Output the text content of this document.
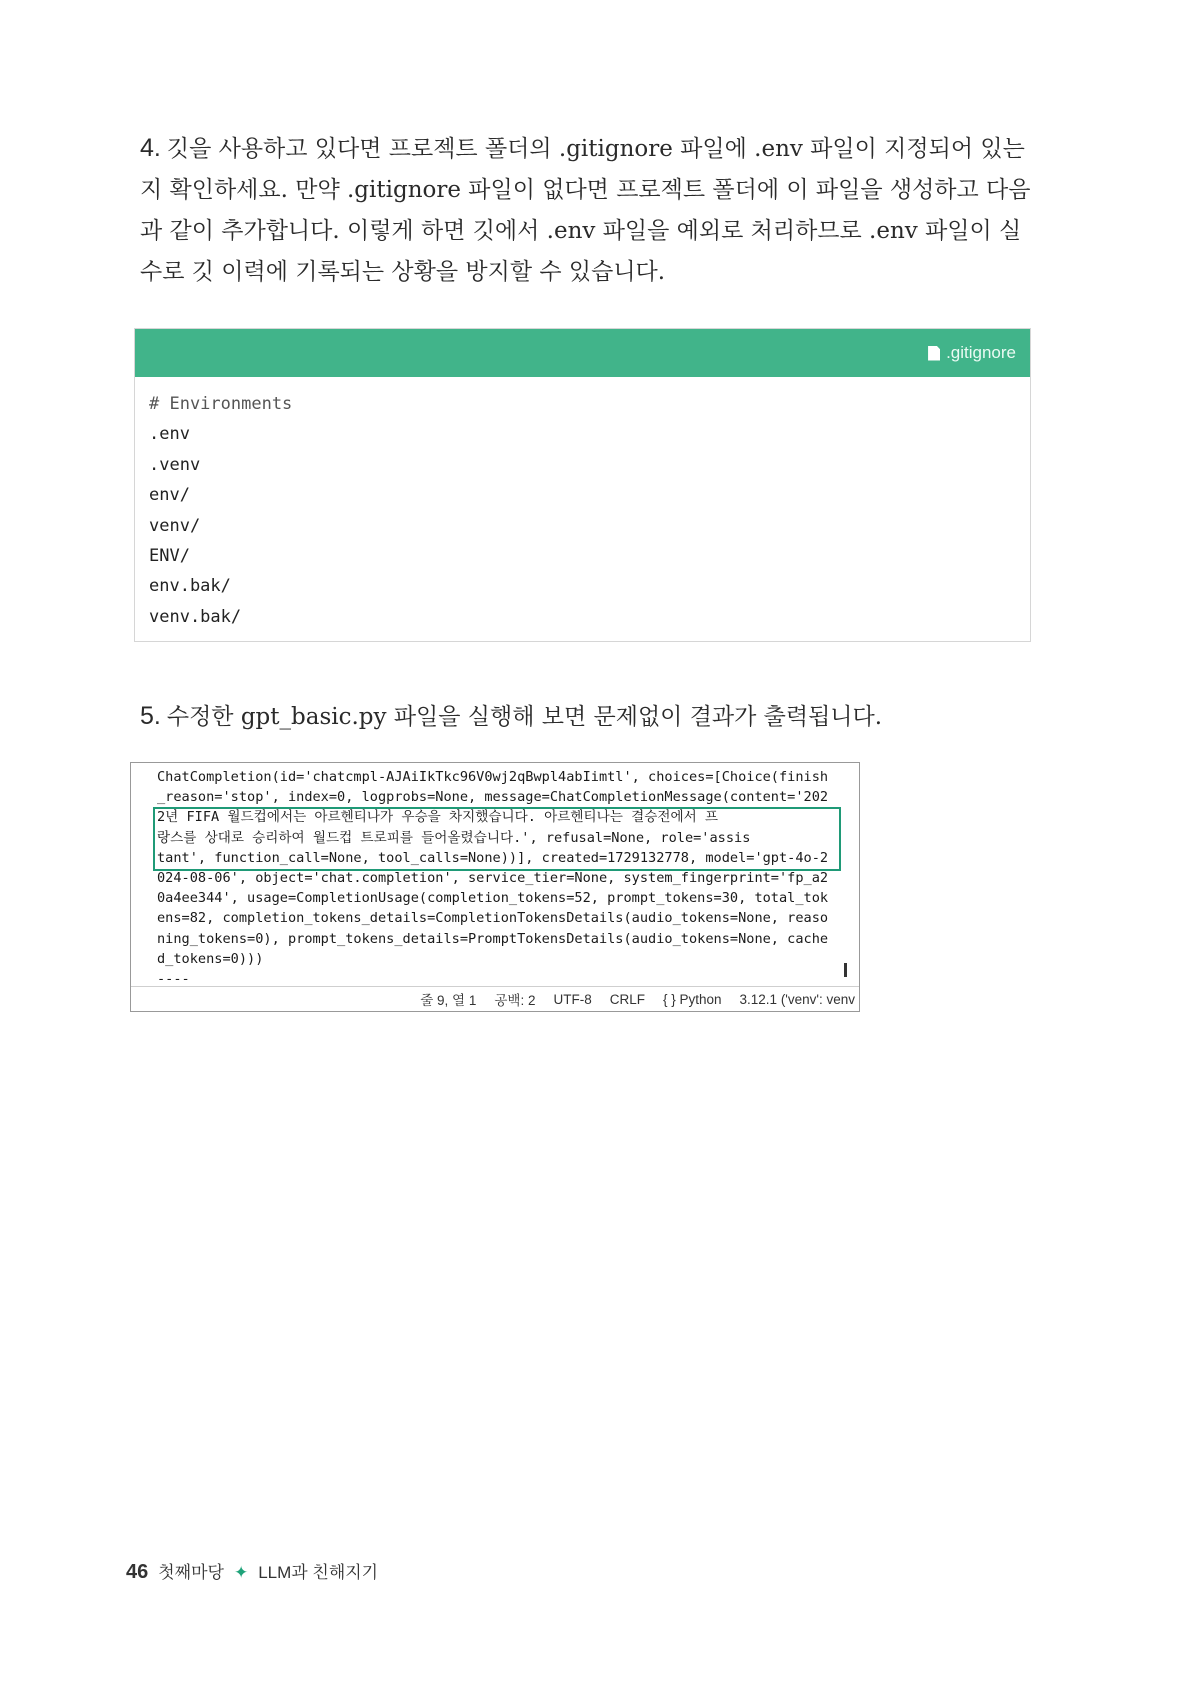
4. 깃을 사용하고 있다면 프로젝트 폴더의 .gitignore 파일에 .env 파일이 지정되어 있는지 확인하세요. 만약 .gitignore 파일이 없다면 프로젝트 폴더에 이 파일을 생성하고 다음과 같이 추가합니다. 이렇게 하면 깃에서 .env 파일을 예외로 처리하므로 .env 파일이 실수로 깃 이력에 기록되는 상황을 방지할 수 있습니다.

.gitignore
# Environments
.env
.venv
env/
venv/
ENV/
env.bak/
venv.bak/

5. 수정한 gpt_basic.py 파일을 실행해 보면 문제없이 결과가 출력됩니다.

ChatCompletion(id='chatcmpl-AJAiIkTkc96V0wj2qBwpl4abIimtl', choices=[Choice(finish
_reason='stop', index=0, logprobs=None, message=ChatCompletionMessage(content='202
2년 FIFA 월드컵에서는 아르헨티나가 우승을 차지했습니다. 아르헨티나는 결승전에서 프
랑스를 상대로 승리하여 월드컵 트로피를 들어올렸습니다.', refusal=None, role='assis
tant', function_call=None, tool_calls=None))], created=1729132778, model='gpt-4o-2
024-08-06', object='chat.completion', service_tier=None, system_fingerprint='fp_a2
0a4ee344', usage=CompletionUsage(completion_tokens=52, prompt_tokens=30, total_tok
ens=82, completion_tokens_details=CompletionTokensDetails(audio_tokens=None, reaso
ning_tokens=0), prompt_tokens_details=PromptTokensDetails(audio_tokens=None, cache
d_tokens=0)))
----
줄 9, 열 1 공백: 2 UTF-8 CRLF { } Python 3.12.1 ('venv': venv
46 첫째마당 ✦ LLM과 친해지기
